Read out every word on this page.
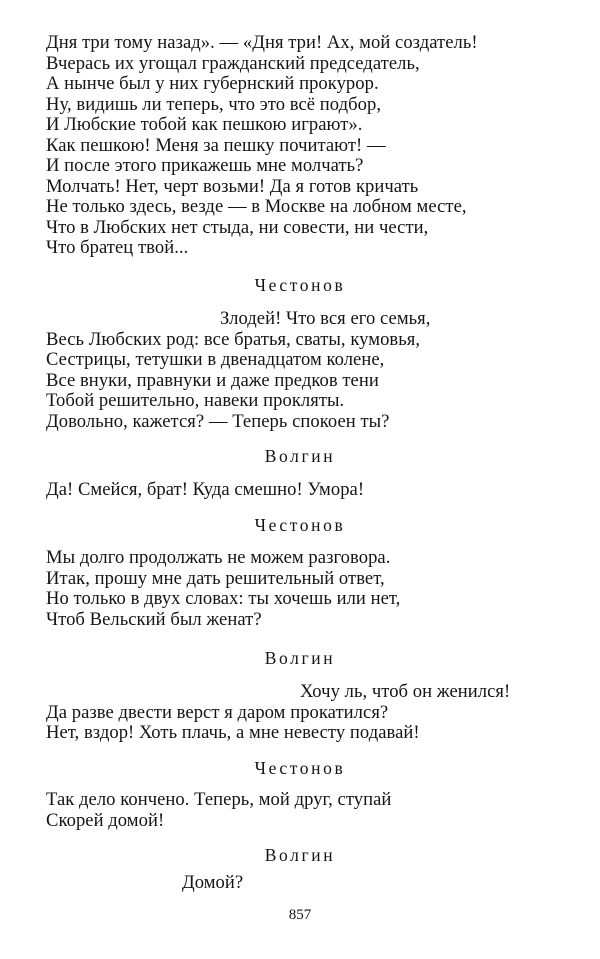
Дня три тому назад». — «Дня три! Ах, мой создатель!
Вчерась их угощал гражданский председатель,
А нынче был у них губернский прокурор.
Ну, видишь ли теперь, что это всё подбор,
И Любские тобой как пешкою играют».
Как пешкою! Меня за пешку почитают! —
И после этого прикажешь мне молчать?
Молчать! Нет, черт возьми! Да я готов кричать
Не только здесь, везде — в Москве на лобном месте,
Что в Любских нет стыда, ни совести, ни чести,
Что братец твой...
Честонов
Злодей! Что вся его семья,
Весь Любских род: все братья, сваты, кумовья,
Сестрицы, тетушки в двенадцатом колене,
Все внуки, правнуки и даже предков тени
Тобой решительно, навеки прокляты.
Довольно, кажется? — Теперь спокоен ты?
Волгин
Да! Смейся, брат! Куда смешно! Умора!
Честонов
Мы долго продолжать не можем разговора.
Итак, прошу мне дать решительный ответ,
Но только в двух словах: ты хочешь или нет,
Чтоб Вельский был женат?
Волгин
Хочу ль, чтоб он женился!
Да разве двести верст я даром прокатился?
Нет, вздор! Хоть плачь, а мне невесту подавай!
Честонов
Так дело кончено. Теперь, мой друг, ступай
Скорей домой!
Волгин
Домой?
857
